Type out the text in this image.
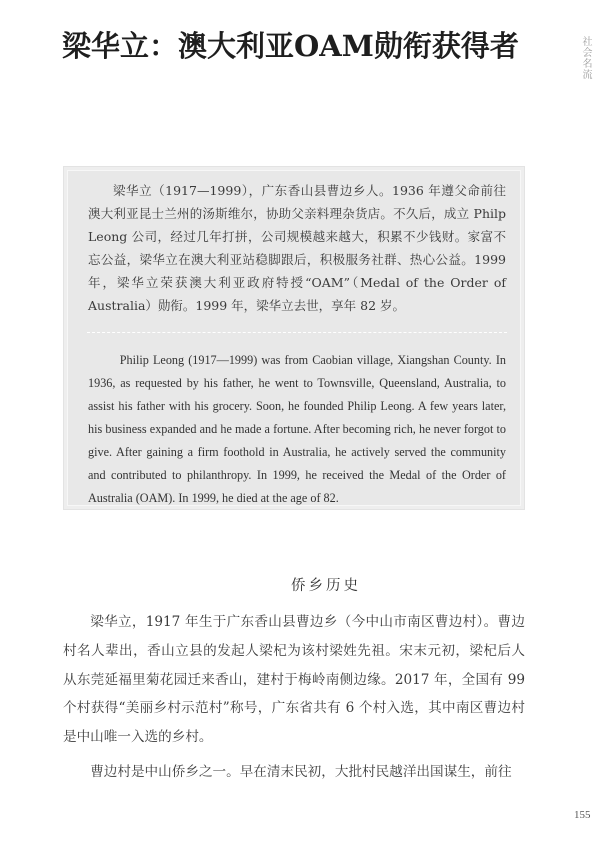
梁华立：澳大利亚OAM勋衔获得者	社会名流
梁华立（1917—1999），广东香山县曹边乡人。1936 年遵父命前往澳大利亚昆士兰州的汤斯维尔，协助父亲料理杂货店。不久后，成立 Philp Leong 公司，经过几年打拼，公司规模越来越大，积累不少钱财。家富不忘公益，梁华立在澳大利亚站稳脚跟后，积极服务社群、热心公益。1999 年，梁华立荣获澳大利亚政府特授“OAM”（Medal of the Order of Australia）勋衔。1999 年，梁华立去世，享年 82 岁。
Philip Leong (1917—1999) was from Caobian village, Xiangshan County. In 1936, as requested by his father, he went to Townsville, Queensland, Australia, to assist his father with his grocery. Soon, he founded Philip Leong. A few years later, his business expanded and he made a fortune. After becoming rich, he never forgot to give. After gaining a firm foothold in Australia, he actively served the community and contributed to philanthropy. In 1999, he received the Medal of the Order of Australia (OAM). In 1999, he died at the age of 82.
侨乡历史

梁华立，1917 年生于广东香山县曹边乡（今中山市南区曹边村）。曹边村名人辈出，香山立县的发起人梁杞为该村梁姓先祖。宋末元初，梁杞后人从东莞延福里菊花园迁来香山，建村于梅岭南侧边缘。2017 年，全国有 99 个村获得“美丽乡村示范村”称号，广东省共有 6 个村入选，其中南区曹边村是中山唯一入选的乡村。

曹边村是中山侨乡之一。早在清末民初，大批村民越洋出国谋生，前往

155
